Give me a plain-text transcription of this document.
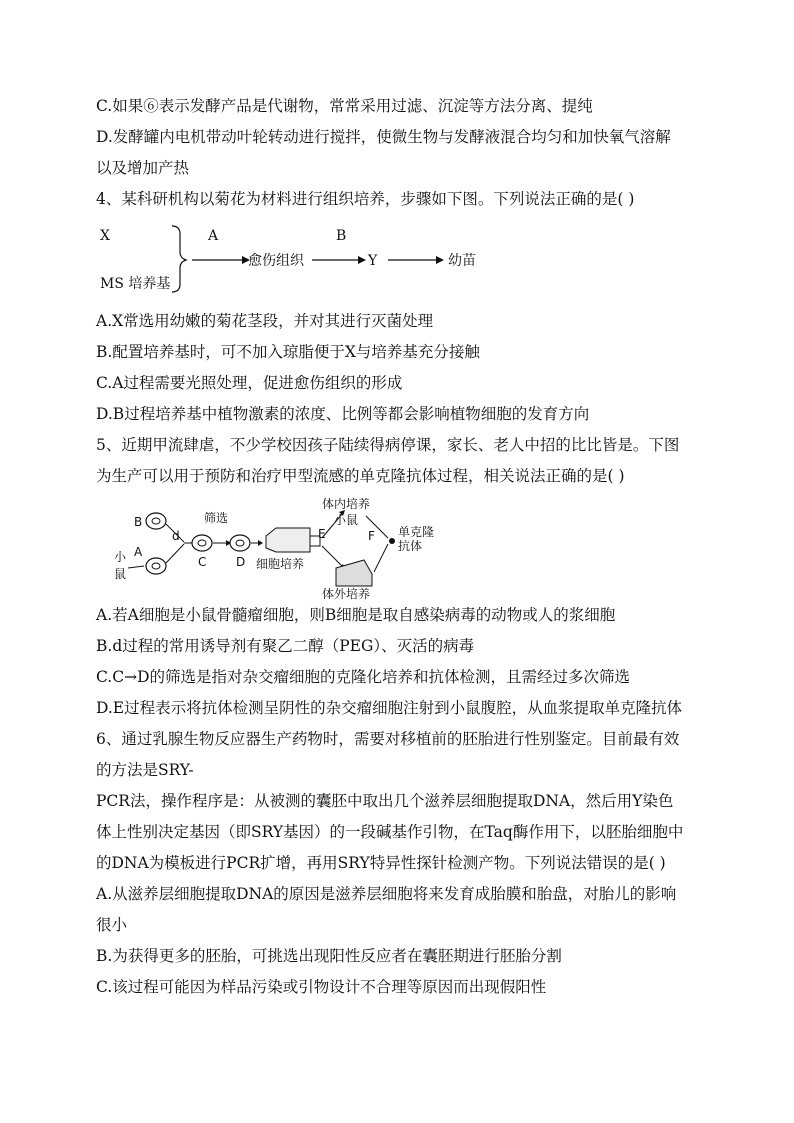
C.如果⑥表示发酵产品是代谢物，常常采用过滤、沉淀等方法分离、提纯
D.发酵罐内电机带动叶轮转动进行搅拌，使微生物与发酵液混合均匀和加快氧气溶解
以及增加产热
4、某科研机构以菊花为材料进行组织培养，步骤如下图。下列说法正确的是( )
X
MS 培养基
A
愈伤组织
B
Y	幼苗
A.X常选用幼嫩的菊花茎段，并对其进行灭菌处理
B.配置培养基时，可不加入琼脂便于X与培养基充分接触
C.A过程需要光照处理，促进愈伤组织的形成
D.B过程培养基中植物激素的浓度、比例等都会影响植物细胞的发育方向
5、近期甲流肆虐，不少学校因孩子陆续得病停课，家长、老人中招的比比皆是。下图
为生产可以用于预防和治疗甲型流感的单克隆抗体过程，相关说法正确的是( )
B
小
鼠
A
d
C
筛选
D 细胞培养
体内培养
小鼠
E
体外培养
F 单克隆
抗体
A.若A细胞是小鼠骨髓瘤细胞，则B细胞是取自感染病毒的动物或人的浆细胞
B.d过程的常用诱导剂有聚乙二醇（PEG）、灭活的病毒
C.C→D的筛选是指对杂交瘤细胞的克隆化培养和抗体检测，且需经过多次筛选
D.E过程表示将抗体检测呈阴性的杂交瘤细胞注射到小鼠腹腔，从血浆提取单克隆抗体
6、通过乳腺生物反应器生产药物时，需要对移植前的胚胎进行性别鉴定。目前最有效
的方法是SRY-
PCR法，操作程序是：从被测的囊胚中取出几个滋养层细胞提取DNA，然后用Y染色
体上性别决定基因（即SRY基因）的一段碱基作引物，在Taq酶作用下，以胚胎细胞中
的DNA为模板进行PCR扩增，再用SRY特异性探针检测产物。下列说法错误的是( )
A.从滋养层细胞提取DNA的原因是滋养层细胞将来发育成胎膜和胎盘，对胎儿的影响
很小
B.为获得更多的胚胎，可挑选出现阳性反应者在囊胚期进行胚胎分割
C.该过程可能因为样品污染或引物设计不合理等原因而出现假阳性
